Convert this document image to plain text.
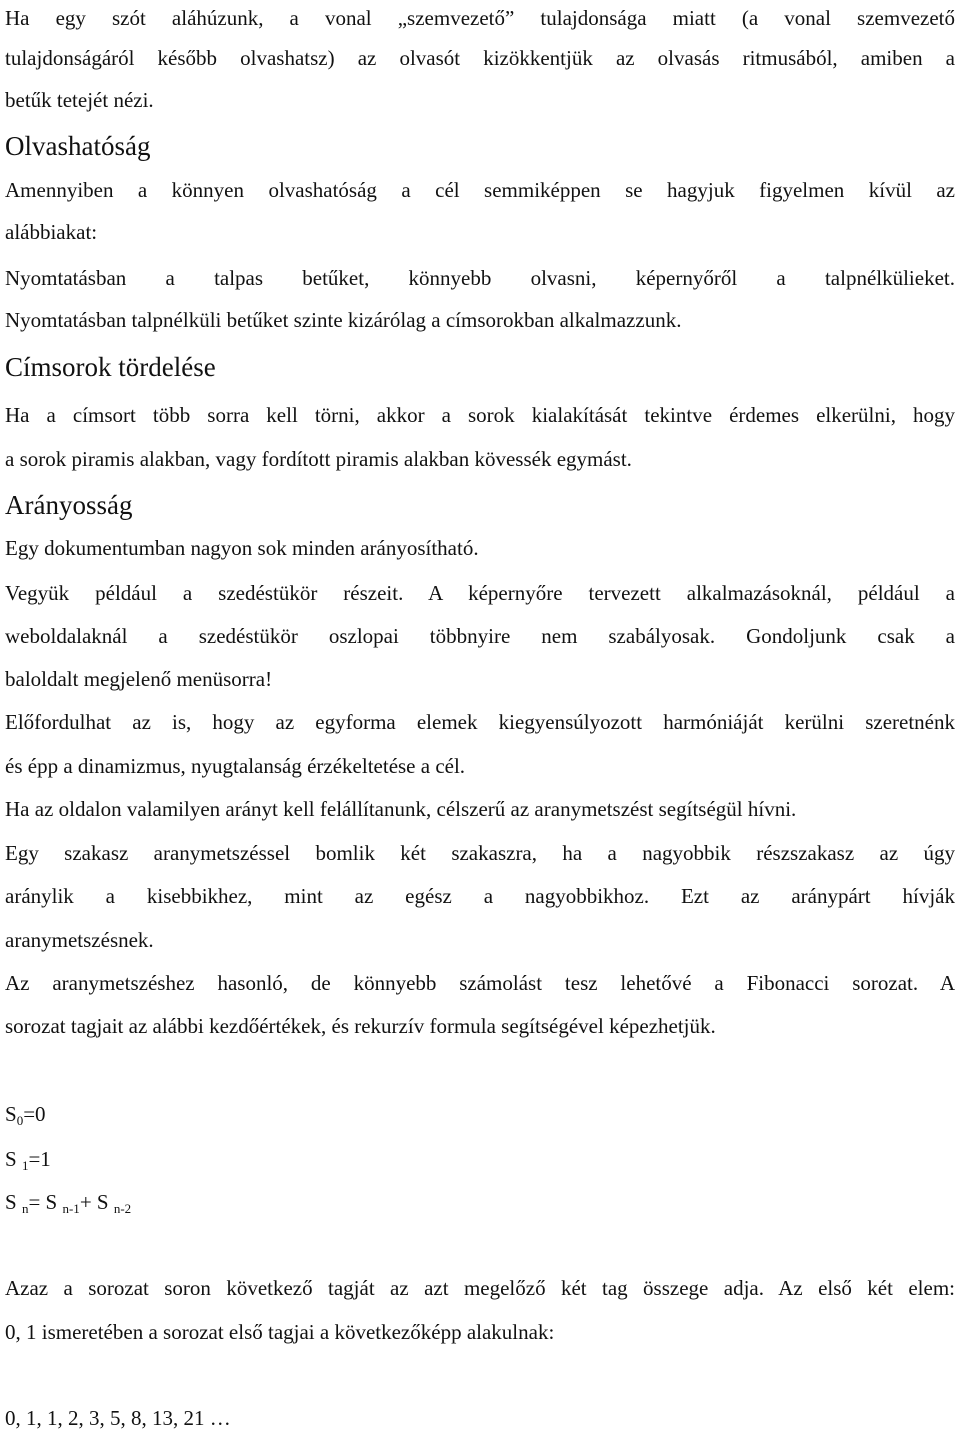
Ha egy szót aláhúzunk, a vonal „szemvezető” tulajdonsága miatt (a vonal szemvezető

tulajdonságáról később olvashatsz) az olvasót kizökkentjük az olvasás ritmusából, amiben a

betűk tetejét nézi.

Olvashatóság

Amennyiben a könnyen olvashatóság a cél semmiképpen se hagyjuk figyelmen kívül az

alábbiakat:

Nyomtatásban a talpas betűket, könnyebb olvasni, képernyőről a talpnélkülieket.

Nyomtatásban talpnélküli betűket szinte kizárólag a címsorokban alkalmazzunk.

Címsorok tördelése

Ha a címsort több sorra kell törni, akkor a sorok kialakítását tekintve érdemes elkerülni, hogy

a sorok piramis alakban, vagy fordított piramis alakban kövessék egymást.

Arányosság

Egy dokumentumban nagyon sok minden arányosítható.

Vegyük például a szedéstükör részeit. A képernyőre tervezett alkalmazásoknál, például a

weboldalaknál a szedéstükör oszlopai többnyire nem szabályosak. Gondoljunk csak a

baloldalt megjelenő menüsorra!

Előfordulhat az is, hogy az egyforma elemek kiegyensúlyozott harmóniáját kerülni szeretnénk

és épp a dinamizmus, nyugtalanság érzékeltetése a cél.

Ha az oldalon valamilyen arányt kell felállítanunk, célszerű az aranymetszést segítségül hívni.

Egy szakasz aranymetszéssel bomlik két szakaszra, ha a nagyobbik részszakasz az úgy

aránylik a kisebbikhez, mint az egész a nagyobbikhoz. Ezt az aránypárt hívják

aranymetszésnek.

Az aranymetszéshez hasonló, de könnyebb számolást tesz lehetővé a Fibonacci sorozat. A

sorozat tagjait az alábbi kezdőértékek, és rekurzív formula segítségével képezhetjük.

$S_0=0$
S $_1$=1
S $_n$= S $_{n-1}$+ S $_{n-2}$

Azaz a sorozat soron következő tagját az azt megelőző két tag összege adja. Az első két elem:

0, 1 ismeretében a sorozat első tagjai a következőképp alakulnak:

0, 1, 1, 2, 3, 5, 8, 13, 21 …
